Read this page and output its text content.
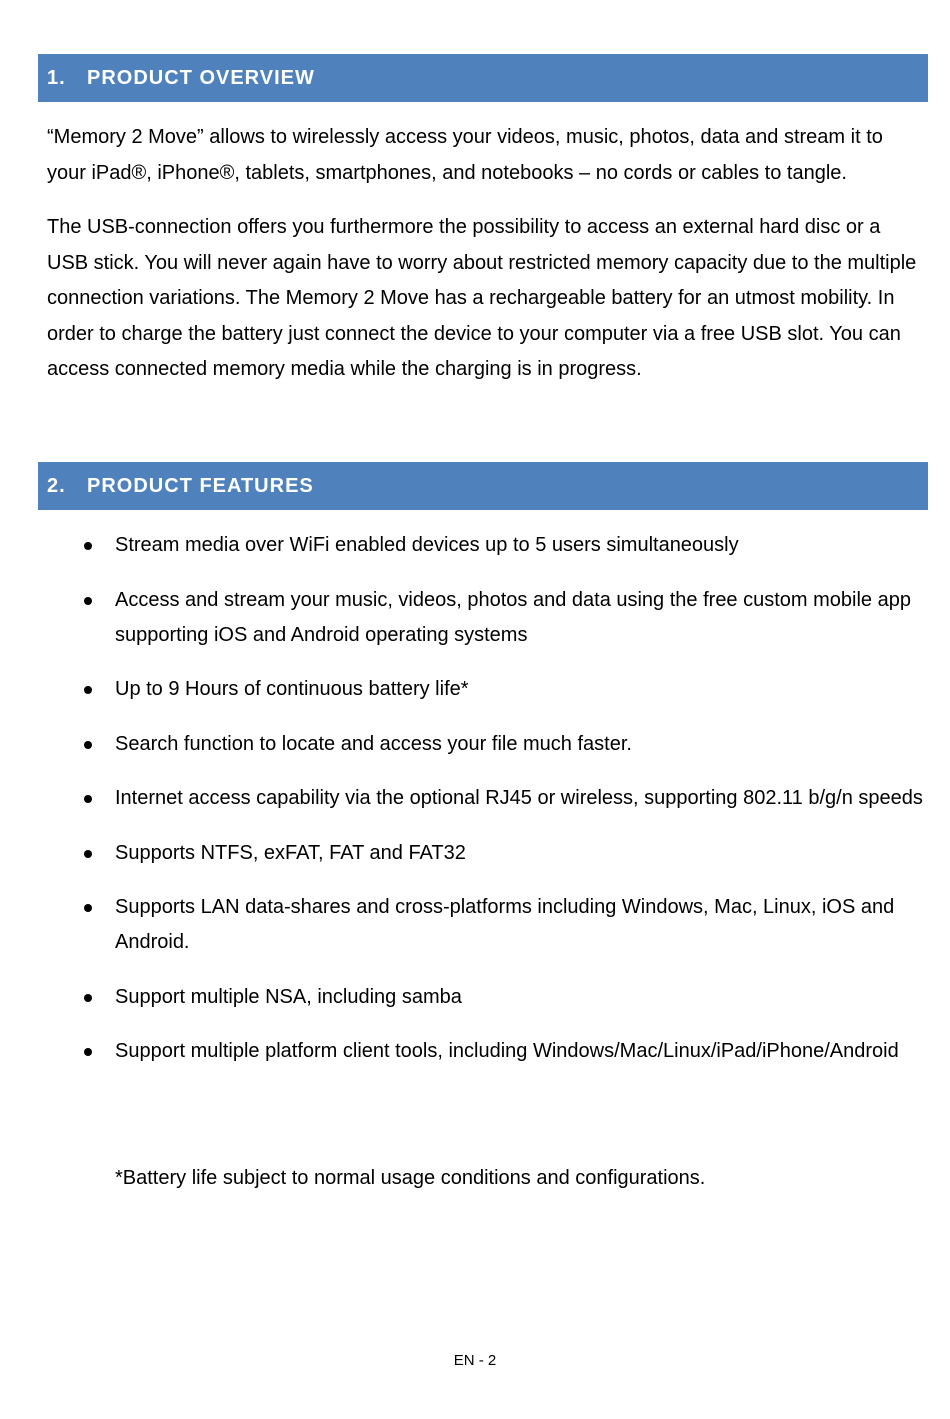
1.	PRODUCT OVERVIEW

“Memory 2 Move” allows to wirelessly access your videos, music, photos, data and stream it to your iPad®, iPhone®, tablets, smartphones, and notebooks – no cords or cables to tangle.

The USB-connection offers you furthermore the possibility to access an external hard disc or a USB stick. You will never again have to worry about restricted memory capacity due to the multiple connection variations. The Memory 2 Move has a rechargeable battery for an utmost mobility. In order to charge the battery just connect the device to your computer via a free USB slot. You can access connected memory media while the charging is in progress.

2.	PRODUCT FEATURES
Stream media over WiFi enabled devices up to 5 users simultaneously
Access and stream your music, videos, photos and data using the free custom mobile app supporting iOS and Android operating systems
Up to 9 Hours of continuous battery life*
Search function to locate and access your file much faster.
Internet access capability via the optional RJ45 or wireless, supporting 802.11 b/g/n speeds
Supports NTFS, exFAT, FAT and FAT32
Supports LAN data-shares and cross-platforms including Windows, Mac, Linux, iOS and Android.
Support multiple NSA, including samba
Support multiple platform client tools, including Windows/Mac/Linux/iPad/iPhone/Android

*Battery life subject to normal usage conditions and configurations.

EN - 2
